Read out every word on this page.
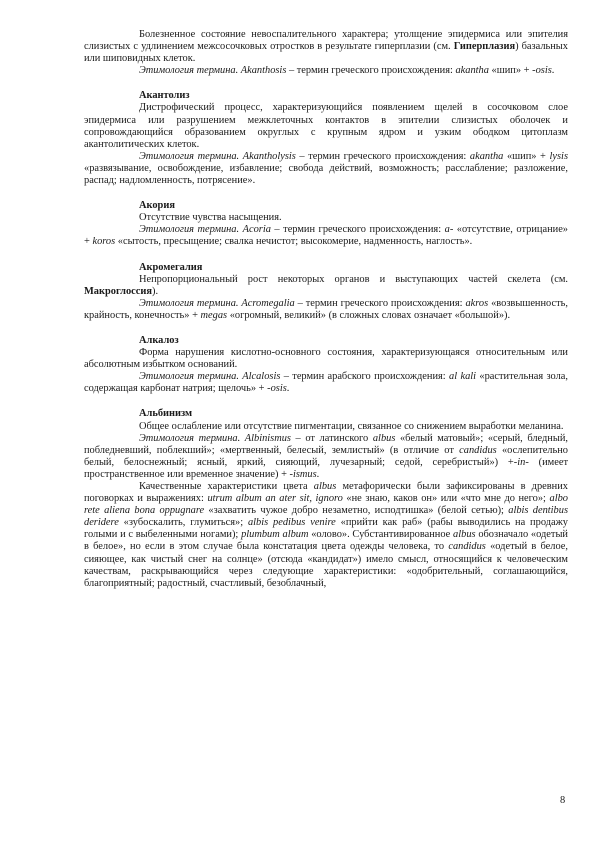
Болезненное состояние невоспалительного характера; утолщение эпидермиса или эпителия слизистых с удлинением межсосочковых отростков в результате гиперплазии (см. Гиперплазия) базальных или шиповидных клеток.

Этимология термина. Akanthosis – термин греческого происхождения: akantha «шип» + -osis.

Акантолиз

Дистрофический процесс, характеризующийся появлением щелей в сосочковом слое эпидермиса или разрушением межклеточных контактов в эпителии слизистых оболочек и сопровождающийся образованием округлых с крупным ядром и узким ободком цитоплазм акантолитических клеток.

Этимология термина. Akantholysis – термин греческого происхождения: akantha «шип» + lysis «развязывание, освобождение, избавление; свобода действий, возможность; расслабление; разложение, распад; надломленность, потрясение».

Акория

Отсутствие чувства насыщения.

Этимология термина. Acoria – термин греческого происхождения: a- «отсутствие, отрицание» + koros «сытость, пресыщение; свалка нечистот; высокомерие, надменность, наглость».

Акромегалия

Непропорциональный рост некоторых органов и выступающих частей скелета (см. Макроглоссия).

Этимология термина. Acromegalia – термин греческого происхождения: akros «возвышенность, крайность, конечность» + megas «огромный, великий» (в сложных словах означает «большой»).

Алкалоз

Форма нарушения кислотно-основного состояния, характеризующаяся относительным или абсолютным избытком оснований.

Этимология термина. Alcalosis – термин арабского происхождения: al kali «растительная зола, содержащая карбонат натрия; щелочь» + -osis.

Альбинизм

Общее ослабление или отсутствие пигментации, связанное со снижением выработки меланина.

Этимология термина. Albinismus – от латинского albus «белый матовый»; «серый, бледный, побледневший, поблекший»; «мертвенный, белесый, землистый» (в отличие от candidus «ослепительно белый, белоснежный; ясный, яркий, сияющий, лучезарный; седой, серебристый») +-in- (имеет пространственное или временное значение) + -ismus.

Качественные характеристики цвета albus метафорически были зафиксированы в древних поговорках и выражениях: utrum album an ater sit, ignoro «не знаю, каков он» или «что мне до него»; albo rete aliena bona oppugnare «захватить чужое добро незаметно, исподтишка» (белой сетью); albis dentibus deridere «зубоскалить, глумиться»; albis pedibus venire «прийти как раб» (рабы выводились на продажу голыми и с выбеленными ногами); plumbum album «олово». Субстантивированное albus обозначало «одетый в белое», но если в этом случае была констатация цвета одежды человека, то candidus «одетый в белое, сияющее, как чистый снег на солнце» (отсюда «кандидат») имело смысл, относящийся к человеческим качествам, раскрывающийся через следующие характеристики: «одобрительный, соглашающийся, благоприятный; радостный, счастливый, безоблачный,

8
